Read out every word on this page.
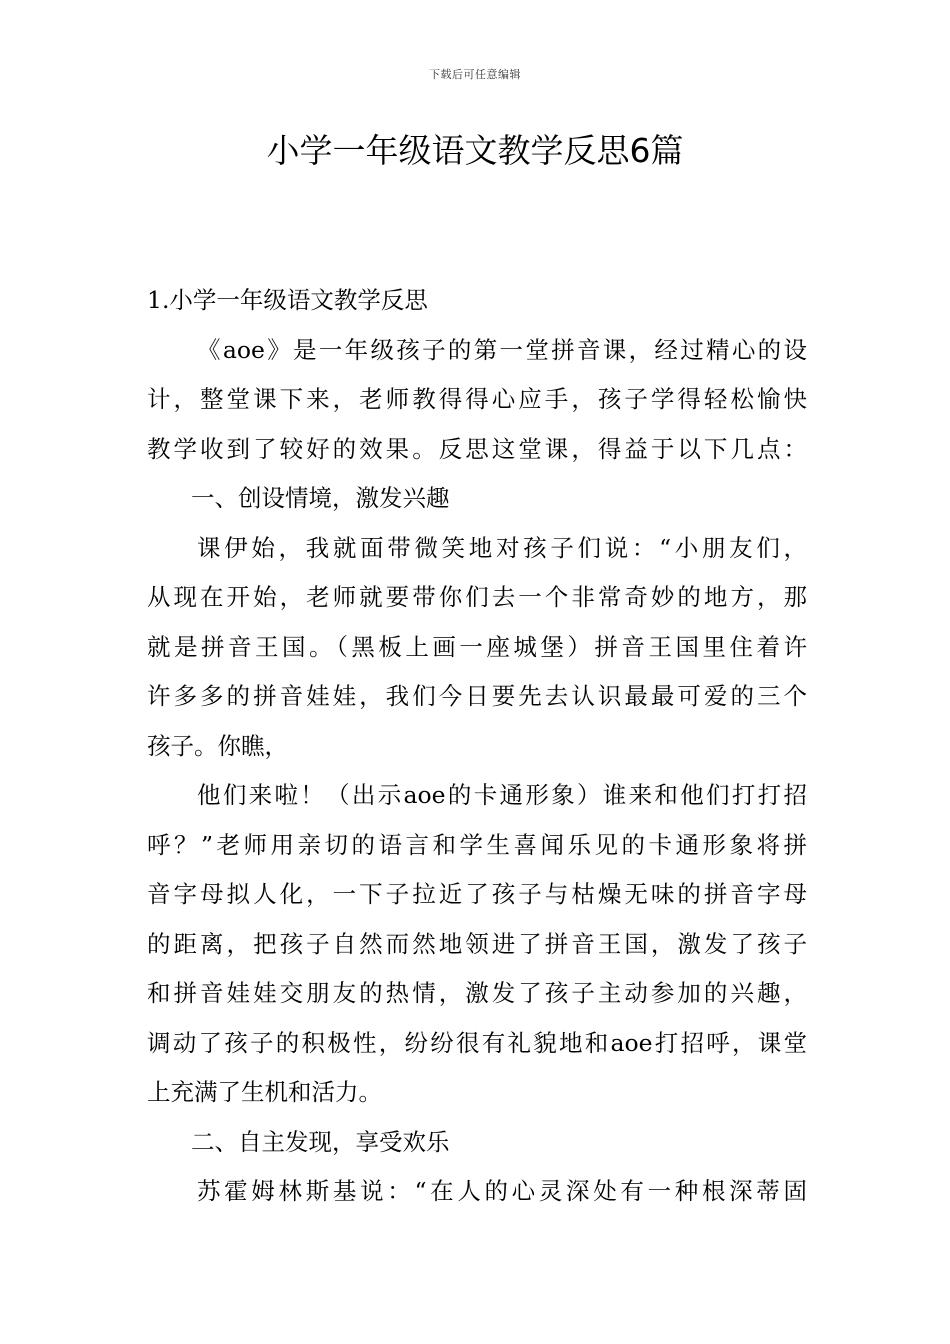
下载后可任意编辑
小学一年级语文教学反思6篇
1.小学一年级语文教学反思
《aoe》是一年级孩子的第一堂拼音课，经过精心的设
计，整堂课下来，老师教得得心应手，孩子学得轻松愉快
教学收到了较好的效果。反思这堂课，得益于以下几点：
一、创设情境，激发兴趣
课伊始，我就面带微笑地对孩子们说：“小朋友们，
从现在开始，老师就要带你们去一个非常奇妙的地方，那
就是拼音王国。（黑板上画一座城堡）拼音王国里住着许
许多多的拼音娃娃，我们今日要先去认识最最可爱的三个
孩子。你瞧，
他们来啦！（出示aoe的卡通形象）谁来和他们打打招
呼？”老师用亲切的语言和学生喜闻乐见的卡通形象将拼
音字母拟人化，一下子拉近了孩子与枯燥无味的拼音字母
的距离，把孩子自然而然地领进了拼音王国，激发了孩子
和拼音娃娃交朋友的热情，激发了孩子主动参加的兴趣，
调动了孩子的积极性，纷纷很有礼貌地和aoe打招呼，课堂
上充满了生机和活力。
二、自主发现，享受欢乐
苏霍姆林斯基说：“在人的心灵深处有一种根深蒂固
